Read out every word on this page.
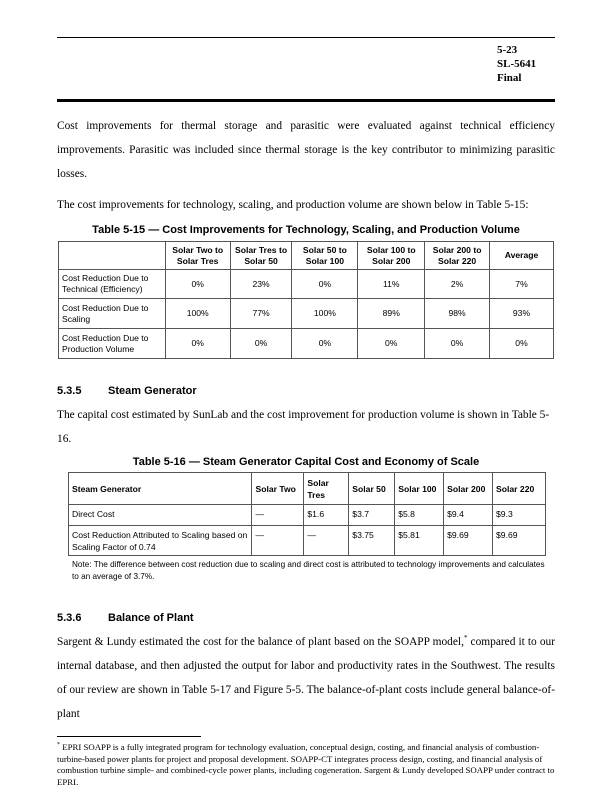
5-23
SL-5641
Final
Cost improvements for thermal storage and parasitic were evaluated against technical efficiency improvements. Parasitic was included since thermal storage is the key contributor to minimizing parasitic losses.
The cost improvements for technology, scaling, and production volume are shown below in Table 5-15:
Table 5-15 — Cost Improvements for Technology, Scaling, and Production Volume
	Solar Two to Solar Tres	Solar Tres to Solar 50	Solar 50 to Solar 100	Solar 100 to Solar 200	Solar 200 to Solar 220	Average
Cost Reduction Due to Technical (Efficiency)	0%	23%	0%	11%	2%	7%
Cost Reduction Due to Scaling	100%	77%	100%	89%	98%	93%
Cost Reduction Due to Production Volume	0%	0%	0%	0%	0%	0%
5.3.5 Steam Generator
The capital cost estimated by SunLab and the cost improvement for production volume is shown in Table 5-16.
Table 5-16 — Steam Generator Capital Cost and Economy of Scale
Steam Generator	Solar Two	Solar Tres	Solar 50	Solar 100	Solar 200	Solar 220
Direct Cost	—	$1.6	$3.7	$5.8	$9.4	$9.3
Cost Reduction Attributed to Scaling based on Scaling Factor of 0.74	—	—	$3.75	$5.81	$9.69	$9.69
Note: The difference between cost reduction due to scaling and direct cost is attributed to technology improvements and calculates to an average of 3.7%.
5.3.6 Balance of Plant
Sargent & Lundy estimated the cost for the balance of plant based on the SOAPP model,* compared it to our internal database, and then adjusted the output for labor and productivity rates in the Southwest. The results of our review are shown in Table 5-17 and Figure 5-5. The balance-of-plant costs include general balance-of-plant
* EPRI SOAPP is a fully integrated program for technology evaluation, conceptual design, costing, and financial analysis of combustion-turbine-based power plants for project and proposal development. SOAPP-CT integrates process design, costing, and financial analysis of combustion turbine simple- and combined-cycle power plants, including cogeneration. Sargent & Lundy developed SOAPP under contract to EPRI.
